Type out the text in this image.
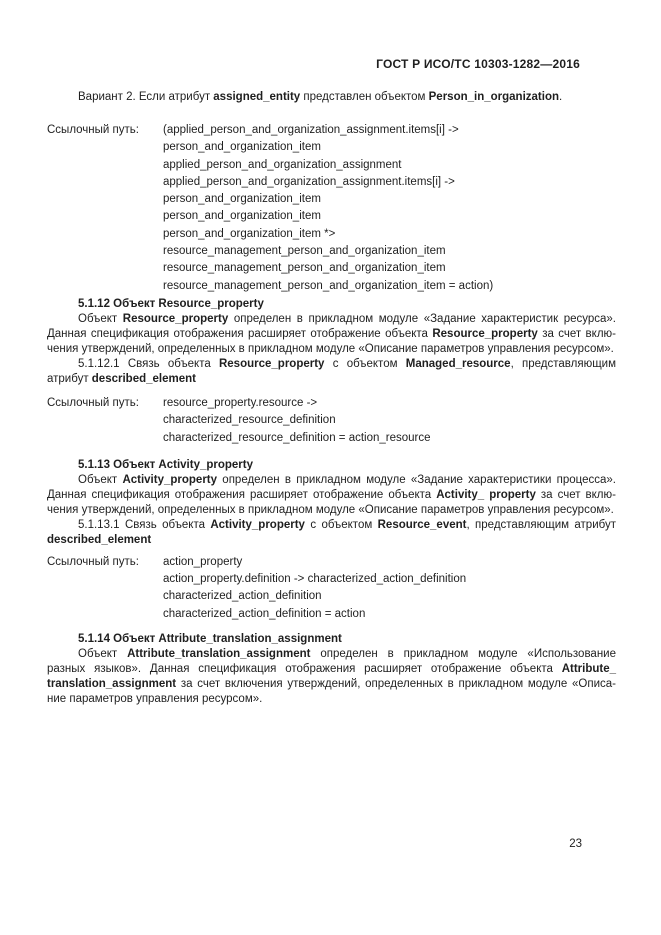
ГОСТ Р ИСО/ТС 10303-1282—2016

Вариант 2. Если атрибут assigned_entity представлен объектом Person_in_organization.

Ссылочный путь:	(applied_person_and_organization_assignment.items[i] ->
person_and_organization_item
applied_person_and_organization_assignment
applied_person_and_organization_assignment.items[i] ->
person_and_organization_item
person_and_organization_item
person_and_organization_item *>
resource_management_person_and_organization_item
resource_management_person_and_organization_item
resource_management_person_and_organization_item = action)

5.1.12 Объект Resource_property

Объект Resource_property определен в прикладном модуле «Задание характеристик ресурса». Данная спецификация отображения расширяет отображение объекта Resource_property за счет включения утверждений, определенных в прикладном модуле «Описание параметров управления ресурсом».

5.1.12.1 Связь объекта Resource_property с объектом Managed_resource, представляющим атрибут described_element

Ссылочный путь:	resource_property.resource ->
characterized_resource_definition
characterized_resource_definition = action_resource

5.1.13 Объект Activity_property

Объект Activity_property определен в прикладном модуле «Задание характеристики процесса». Данная спецификация отображения расширяет отображение объекта Activity_ property за счет включения утверждений, определенных в прикладном модуле «Описание параметров управления ресурсом».

5.1.13.1 Связь объекта Activity_property с объектом Resource_event, представляющим атрибут described_element

Ссылочный путь:	action_property
action_property.definition -> characterized_action_definition
characterized_action_definition
characterized_action_definition = action

5.1.14 Объект Attribute_translation_assignment

Объект Attribute_translation_assignment определен в прикладном модуле «Использование разных языков». Данная спецификация отображения расширяет отображение объекта Attribute_ translation_assignment за счет включения утверждений, определенных в прикладном модуле «Описание параметров управления ресурсом».

23
